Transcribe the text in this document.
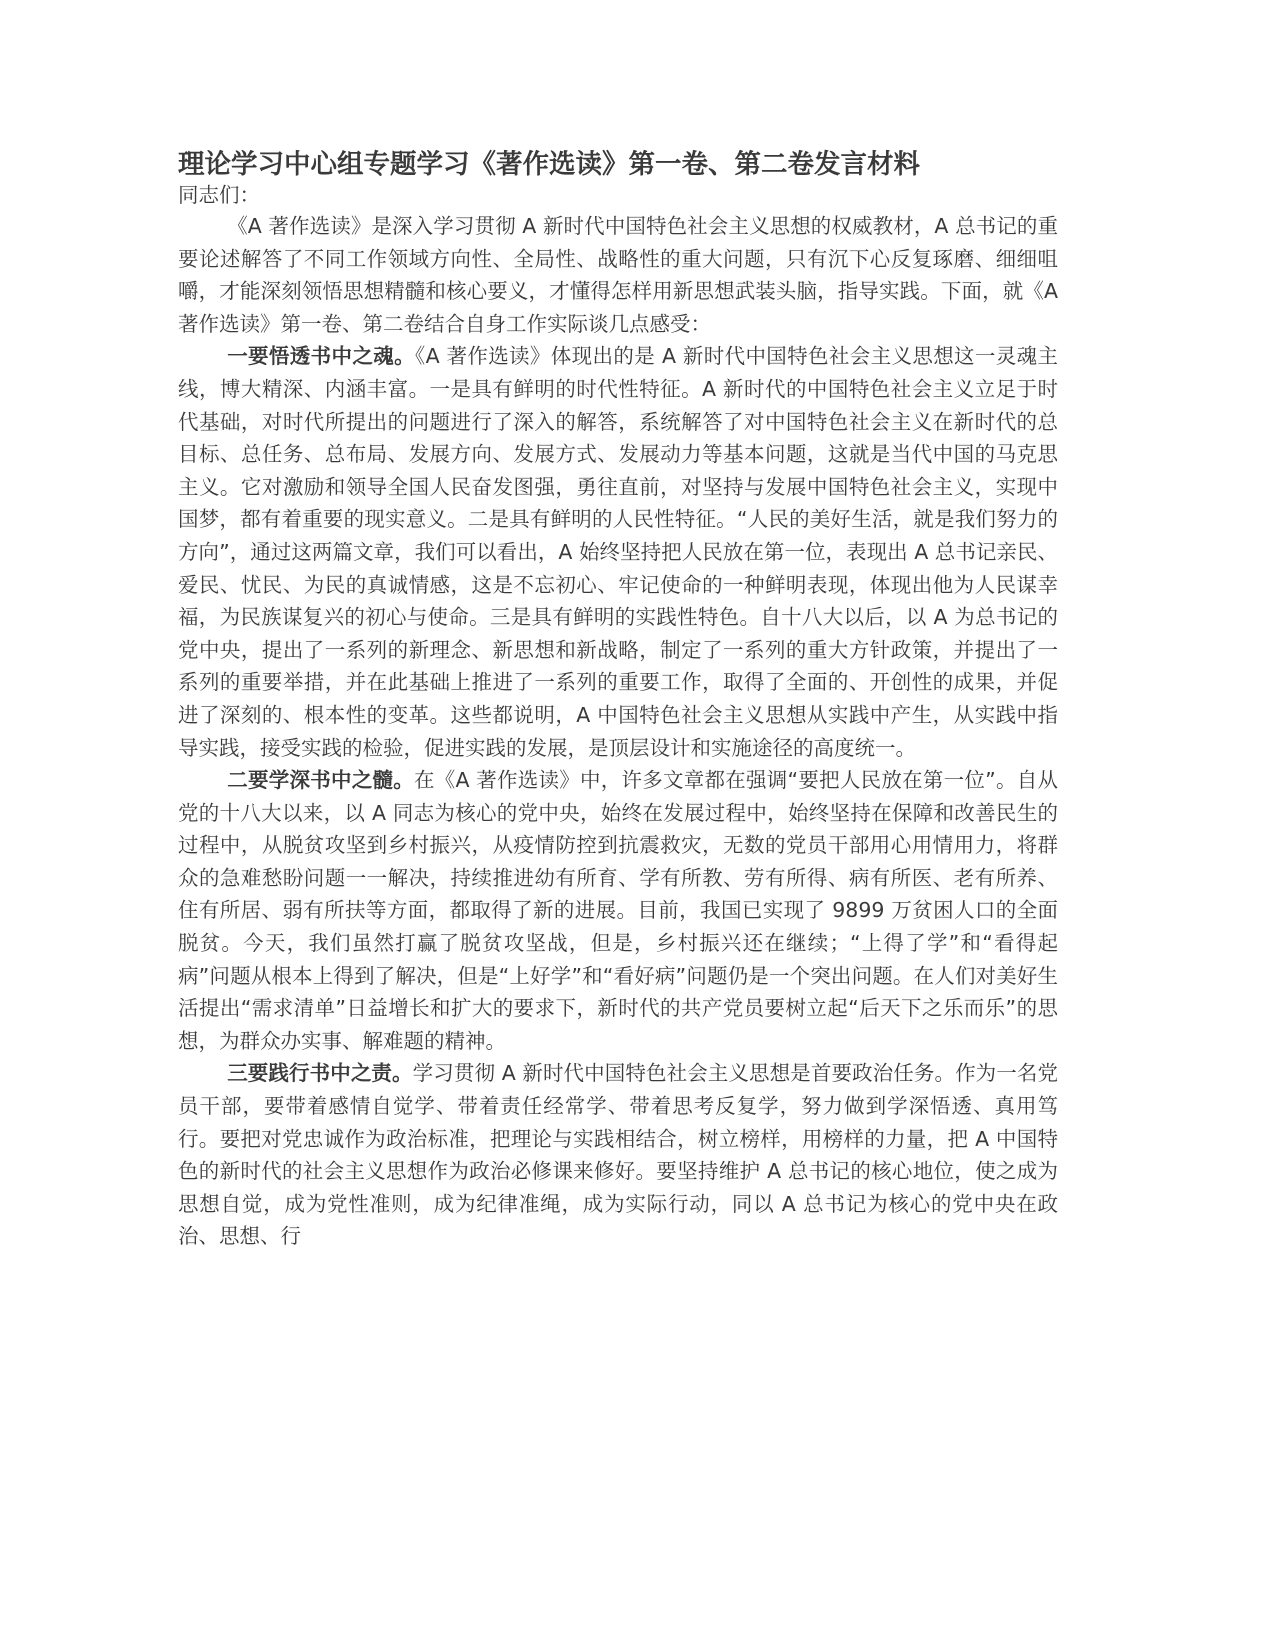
理论学习中心组专题学习《著作选读》第一卷、第二卷发言材料

同志们：

《A 著作选读》是深入学习贯彻 A 新时代中国特色社会主义思想的权威教材，A 总书记的重要论述解答了不同工作领域方向性、全局性、战略性的重大问题，只有沉下心反复琢磨、细细咀嚼，才能深刻领悟思想精髓和核心要义，才懂得怎样用新思想武装头脑，指导实践。下面，就《A 著作选读》第一卷、第二卷结合自身工作实际谈几点感受：

一要悟透书中之魂。《A 著作选读》体现出的是 A 新时代中国特色社会主义思想这一灵魂主线，博大精深、内涵丰富。一是具有鲜明的时代性特征。A 新时代的中国特色社会主义立足于时代基础，对时代所提出的问题进行了深入的解答，系统解答了对中国特色社会主义在新时代的总目标、总任务、总布局、发展方向、发展方式、发展动力等基本问题，这就是当代中国的马克思主义。它对激励和领导全国人民奋发图强，勇往直前，对坚持与发展中国特色社会主义，实现中国梦，都有着重要的现实意义。二是具有鲜明的人民性特征。“人民的美好生活，就是我们努力的方向”，通过这两篇文章，我们可以看出，A 始终坚持把人民放在第一位，表现出 A 总书记亲民、爱民、忧民、为民的真诚情感，这是不忘初心、牢记使命的一种鲜明表现，体现出他为人民谋幸福，为民族谋复兴的初心与使命。三是具有鲜明的实践性特色。自十八大以后，以 A 为总书记的党中央，提出了一系列的新理念、新思想和新战略，制定了一系列的重大方针政策，并提出了一系列的重要举措，并在此基础上推进了一系列的重要工作，取得了全面的、开创性的成果，并促进了深刻的、根本性的变革。这些都说明，A 中国特色社会主义思想从实践中产生，从实践中指导实践，接受实践的检验，促进实践的发展，是顶层设计和实施途径的高度统一。

二要学深书中之髓。在《A 著作选读》中，许多文章都在强调“要把人民放在第一位”。自从党的十八大以来，以 A 同志为核心的党中央，始终在发展过程中，始终坚持在保障和改善民生的过程中，从脱贫攻坚到乡村振兴，从疫情防控到抗震救灾，无数的党员干部用心用情用力，将群众的急难愁盼问题一一解决，持续推进幼有所育、学有所教、劳有所得、病有所医、老有所养、住有所居、弱有所扶等方面，都取得了新的进展。目前，我国已实现了 9899 万贫困人口的全面脱贫。今天，我们虽然打赢了脱贫攻坚战，但是，乡村振兴还在继续；“上得了学”和“看得起病”问题从根本上得到了解决，但是“上好学”和“看好病”问题仍是一个突出问题。在人们对美好生活提出“需求清单”日益增长和扩大的要求下，新时代的共产党员要树立起“后天下之乐而乐”的思想，为群众办实事、解难题的精神。

三要践行书中之责。学习贯彻 A 新时代中国特色社会主义思想是首要政治任务。作为一名党员干部，要带着感情自觉学、带着责任经常学、带着思考反复学，努力做到学深悟透、真用笃行。要把对党忠诚作为政治标准，把理论与实践相结合，树立榜样，用榜样的力量，把 A 中国特色的新时代的社会主义思想作为政治必修课来修好。要坚持维护 A 总书记的核心地位，使之成为思想自觉，成为党性准则，成为纪律准绳，成为实际行动，同以 A 总书记为核心的党中央在政治、思想、行
